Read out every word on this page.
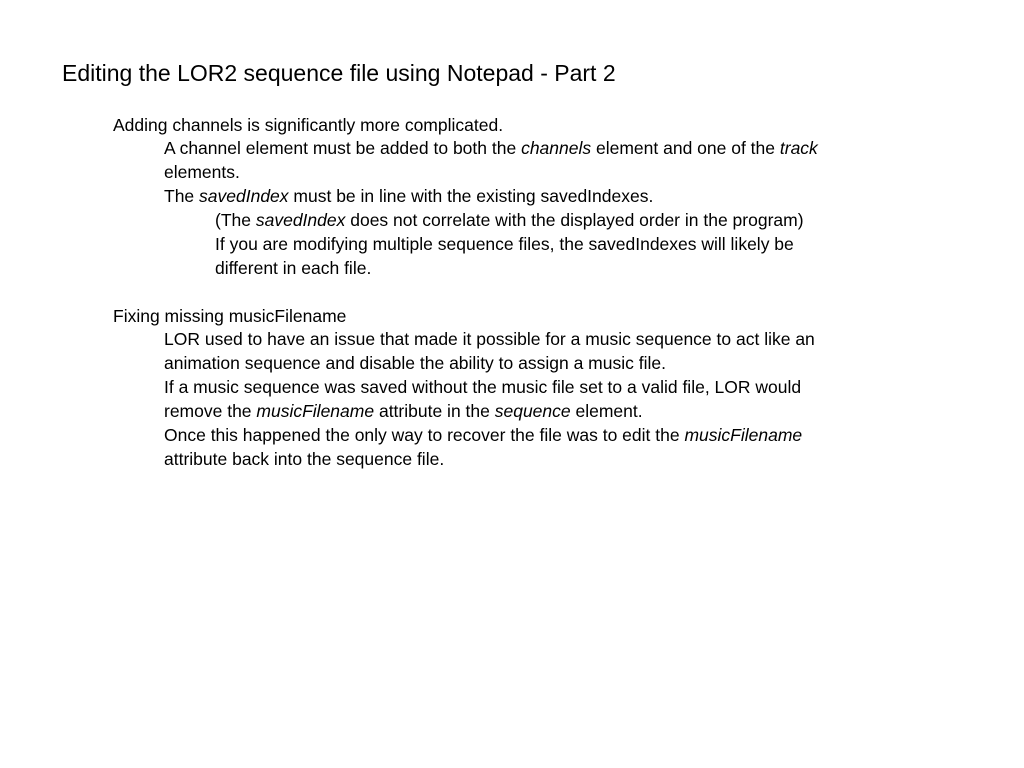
Editing the LOR2 sequence file using Notepad - Part 2
Adding channels is significantly more complicated.
A channel element must be added to both the channels element and one of the track
elements.
The savedIndex must be in line with the existing savedIndexes.
(The savedIndex does not correlate with the displayed order in the program)
If you are modifying multiple sequence files, the savedIndexes will likely be
different in each file.
Fixing missing musicFilename
LOR used to have an issue that made it possible for a music sequence to act like an
animation sequence and disable the ability to assign a music file.
If a music sequence was saved without the music file set to a valid file, LOR would
remove the musicFilename attribute in the sequence element.
Once this happened the only way to recover the file was to edit the musicFilename
attribute back into the sequence file.
